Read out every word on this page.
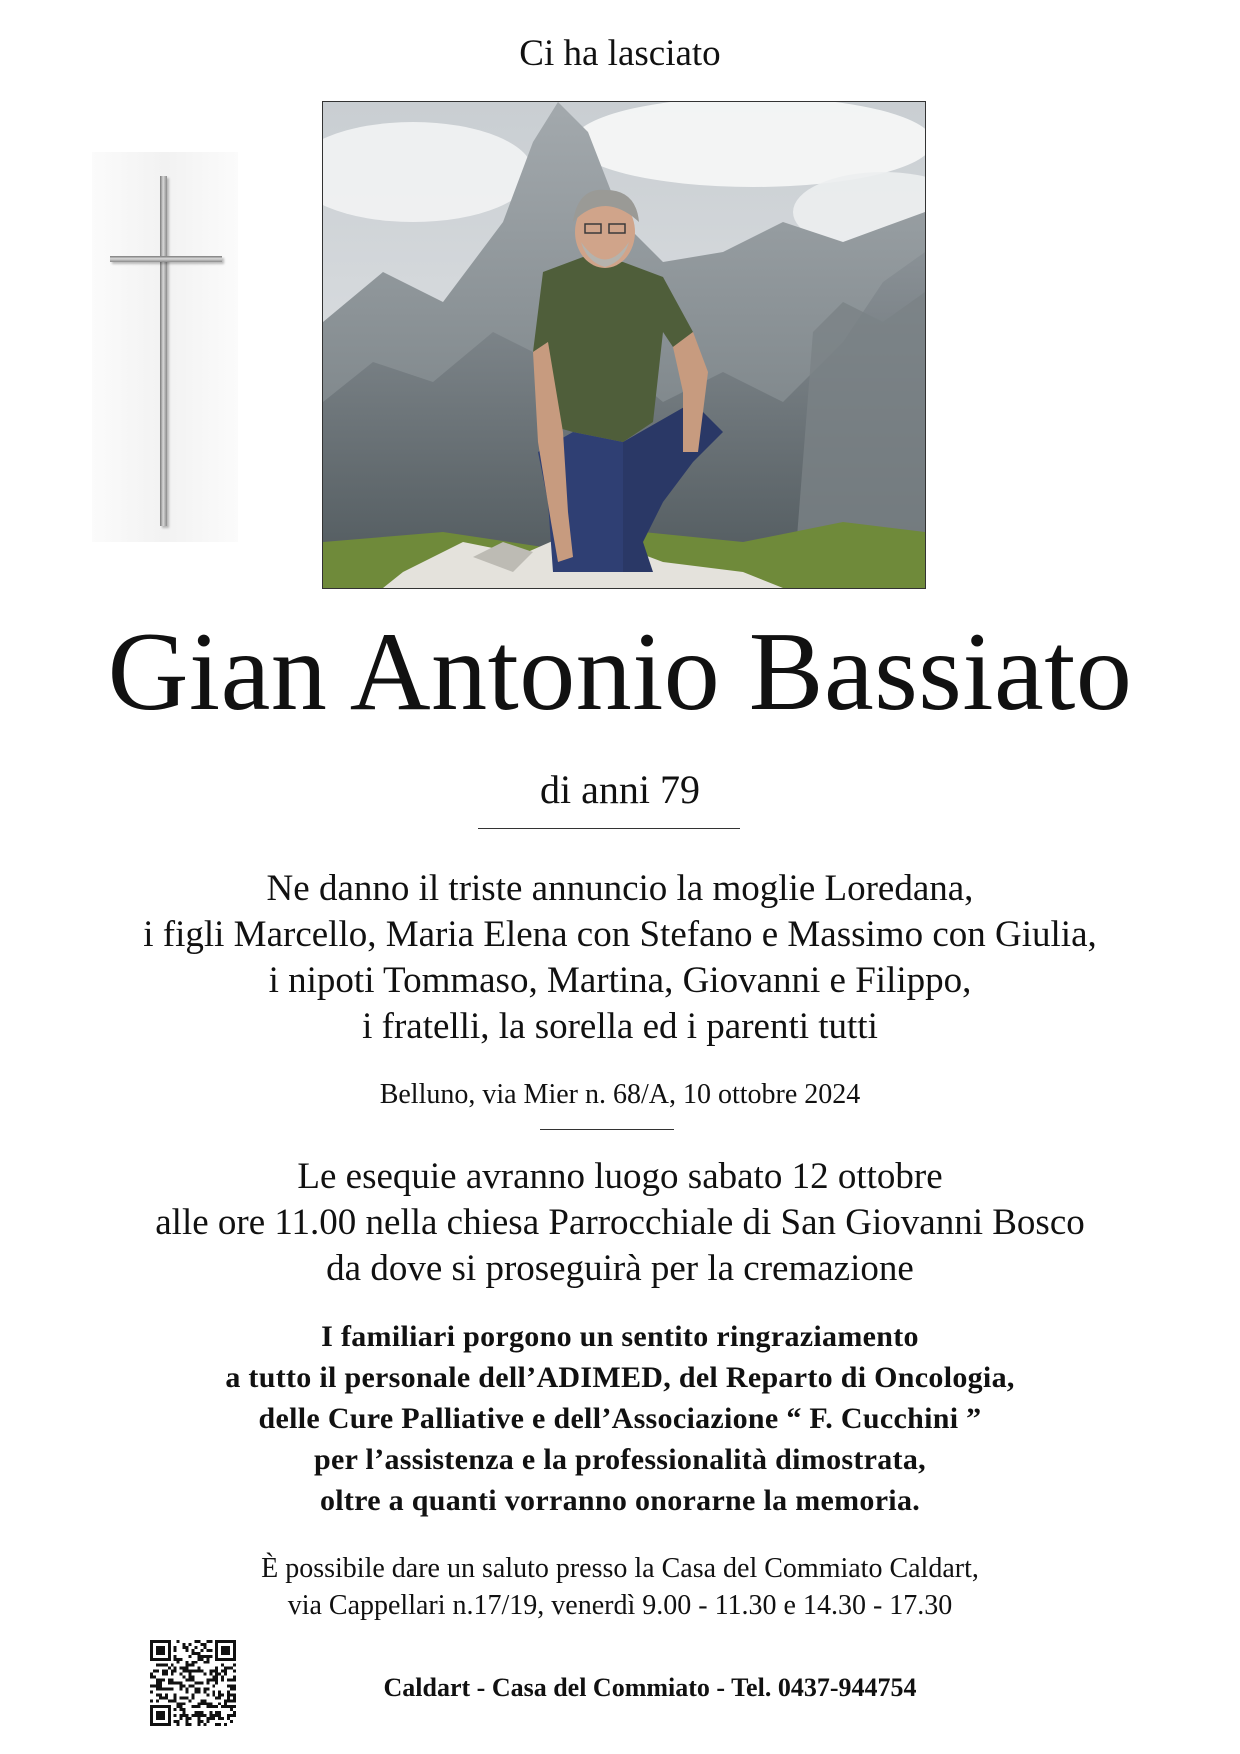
Ci ha lasciato
Gian Antonio Bassiato
di anni 79
Ne danno il triste annuncio la moglie Loredana,
i figli Marcello, Maria Elena con Stefano e Massimo con Giulia,
i nipoti Tommaso, Martina, Giovanni e Filippo,
i fratelli, la sorella ed i parenti tutti
Belluno, via Mier n. 68/A, 10 ottobre 2024
Le esequie avranno luogo sabato 12 ottobre
alle ore 11.00 nella chiesa Parrocchiale di San Giovanni Bosco
da dove si proseguirà per la cremazione
I familiari porgono un sentito ringraziamento
a tutto il personale dell’ADIMED, del Reparto di Oncologia,
delle Cure Palliative e dell’Associazione “ F. Cucchini ”
per l’assistenza e la professionalità dimostrata,
oltre a quanti vorranno onorarne la memoria.
È possibile dare un saluto presso la Casa del Commiato Caldart,
via Cappellari n.17/19, venerdì 9.00 - 11.30 e 14.30 - 17.30
Caldart - Casa del Commiato - Tel. 0437-944754
